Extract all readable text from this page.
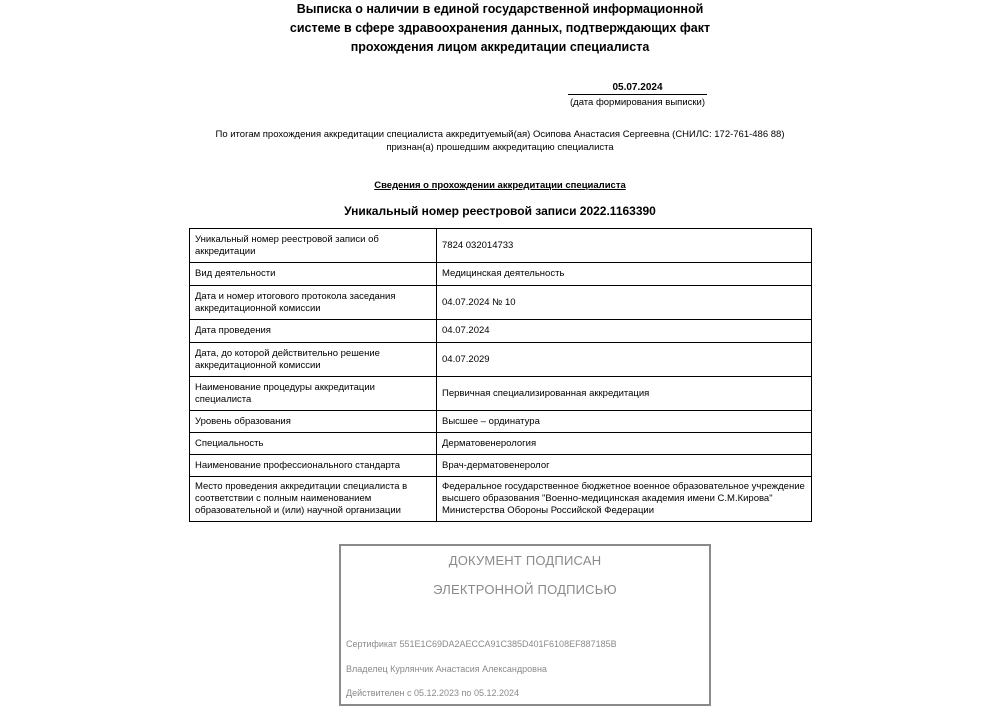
Выписка о наличии в единой государственной информационной
системе в сфере здравоохранения данных, подтверждающих факт
прохождения лицом аккредитации специалиста
05.07.2024
(дата формирования выписки)
По итогам прохождения аккредитации специалиста аккредитуемый(ая) Осипова Анастасия Сергеевна (СНИЛС: 172-761-486 88)
признан(а) прошедшим аккредитацию специалиста
Сведения о прохождении аккредитации специалиста
Уникальный номер реестровой записи 2022.1163390
Уникальный номер реестровой записи об аккредитации	7824 032014733
Вид деятельности	Медицинская деятельность
Дата и номер итогового протокола заседания аккредитационной комиссии	04.07.2024 № 10
Дата проведения	04.07.2024
Дата, до которой действительно решение аккредитационной комиссии	04.07.2029
Наименование процедуры аккредитации специалиста	Первичная специализированная аккредитация
Уровень образования	Высшее – ординатура
Специальность	Дерматовенерология
Наименование профессионального стандарта	Врач-дерматовенеролог
Место проведения аккредитации специалиста в соответствии с полным наименованием образовательной и (или) научной организации	Федеральное государственное бюджетное военное образовательное учреждение высшего образования "Военно-медицинская академия имени С.М.Кирова" Министерства Обороны Российской Федерации
ДОКУМЕНТ ПОДПИСАН
ЭЛЕКТРОННОЙ ПОДПИСЬЮ
Сертификат 551E1C69DA2AECCA91C385D401F6108EF887185B
Владелец Курлянчик Анастасия Александровна
Действителен с 05.12.2023 по 05.12.2024
